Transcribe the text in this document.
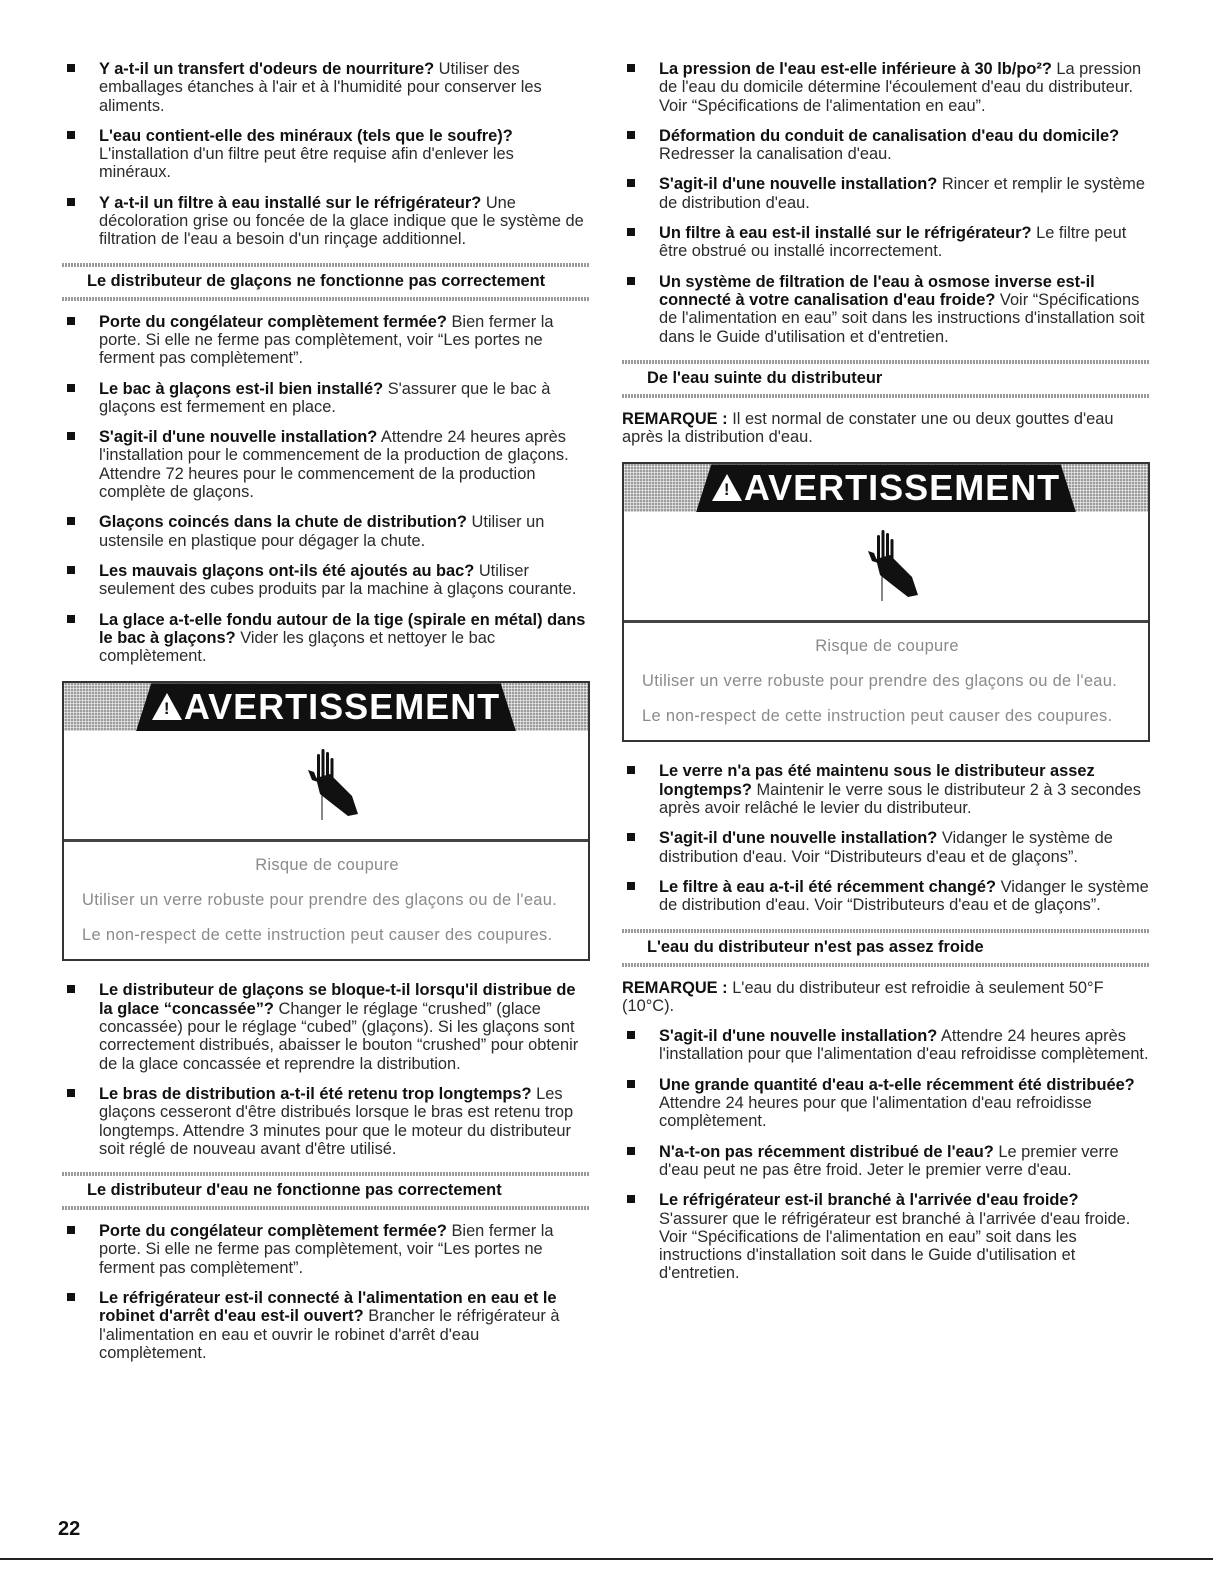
Y a-t-il un transfert d'odeurs de nourriture? Utiliser des emballages étanches à l'air et à l'humidité pour conserver les aliments.
L'eau contient-elle des minéraux (tels que le soufre)? L'installation d'un filtre peut être requise afin d'enlever les minéraux.
Y a-t-il un filtre à eau installé sur le réfrigérateur? Une décoloration grise ou foncée de la glace indique que le système de filtration de l'eau a besoin d'un rinçage additionnel.
Le distributeur de glaçons ne fonctionne pas correctement
Porte du congélateur complètement fermée? Bien fermer la porte. Si elle ne ferme pas complètement, voir “Les portes ne ferment pas complètement”.
Le bac à glaçons est-il bien installé? S'assurer que le bac à glaçons est fermement en place.
S'agit-il d'une nouvelle installation? Attendre 24 heures après l'installation pour le commencement de la production de glaçons. Attendre 72 heures pour le commencement de la production complète de glaçons.
Glaçons coincés dans la chute de distribution? Utiliser un ustensile en plastique pour dégager la chute.
Les mauvais glaçons ont-ils été ajoutés au bac? Utiliser seulement des cubes produits par la machine à glaçons courante.
La glace a-t-elle fondu autour de la tige (spirale en métal) dans le bac à glaçons? Vider les glaçons et nettoyer le bac complètement.
!AVERTISSEMENT

Risque de coupure

Utiliser un verre robuste pour prendre des glaçons ou de l'eau.

Le non-respect de cette instruction peut causer des coupures.

Le distributeur de glaçons se bloque-t-il lorsqu'il distribue de la glace “concassée”? Changer le réglage “crushed” (glace concassée) pour le réglage “cubed” (glaçons). Si les glaçons sont correctement distribués, abaisser le bouton “crushed” pour obtenir de la glace concassée et reprendre la distribution.
Le bras de distribution a-t-il été retenu trop longtemps? Les glaçons cesseront d'être distribués lorsque le bras est retenu trop longtemps. Attendre 3 minutes pour que le moteur du distributeur soit réglé de nouveau avant d'être utilisé.
Le distributeur d'eau ne fonctionne pas correctement
Porte du congélateur complètement fermée? Bien fermer la porte. Si elle ne ferme pas complètement, voir “Les portes ne ferment pas complètement”.
Le réfrigérateur est-il connecté à l'alimentation en eau et le robinet d'arrêt d'eau est-il ouvert? Brancher le réfrigérateur à l'alimentation en eau et ouvrir le robinet d'arrêt d'eau complètement.
La pression de l'eau est-elle inférieure à 30 lb/po²? La pression de l'eau du domicile détermine l'écoulement d'eau du distributeur. Voir “Spécifications de l'alimentation en eau”.
Déformation du conduit de canalisation d'eau du domicile? Redresser la canalisation d'eau.
S'agit-il d'une nouvelle installation? Rincer et remplir le système de distribution d'eau.
Un filtre à eau est-il installé sur le réfrigérateur? Le filtre peut être obstrué ou installé incorrectement.
Un système de filtration de l'eau à osmose inverse est-il connecté à votre canalisation d'eau froide? Voir “Spécifications de l'alimentation en eau” soit dans les instructions d'installation soit dans le Guide d'utilisation et d'entretien.
De l'eau suinte du distributeur
REMARQUE : Il est normal de constater une ou deux gouttes d'eau après la distribution d'eau.
!AVERTISSEMENT

Risque de coupure

Utiliser un verre robuste pour prendre des glaçons ou de l'eau.

Le non-respect de cette instruction peut causer des coupures.

Le verre n'a pas été maintenu sous le distributeur assez longtemps? Maintenir le verre sous le distributeur 2 à 3 secondes après avoir relâché le levier du distributeur.
S'agit-il d'une nouvelle installation? Vidanger le système de distribution d'eau. Voir “Distributeurs d'eau et de glaçons”.
Le filtre à eau a-t-il été récemment changé? Vidanger le système de distribution d'eau. Voir “Distributeurs d'eau et de glaçons”.
L'eau du distributeur n'est pas assez froide
REMARQUE : L'eau du distributeur est refroidie à seulement 50°F (10°C).
S'agit-il d'une nouvelle installation? Attendre 24 heures après l'installation pour que l'alimentation d'eau refroidisse complètement.
Une grande quantité d'eau a-t-elle récemment été distribuée? Attendre 24 heures pour que l'alimentation d'eau refroidisse complètement.
N'a-t-on pas récemment distribué de l'eau? Le premier verre d'eau peut ne pas être froid. Jeter le premier verre d'eau.
Le réfrigérateur est-il branché à l'arrivée d'eau froide? S'assurer que le réfrigérateur est branché à l'arrivée d'eau froide. Voir “Spécifications de l'alimentation en eau” soit dans les instructions d'installation soit dans le Guide d'utilisation et d'entretien.
22
